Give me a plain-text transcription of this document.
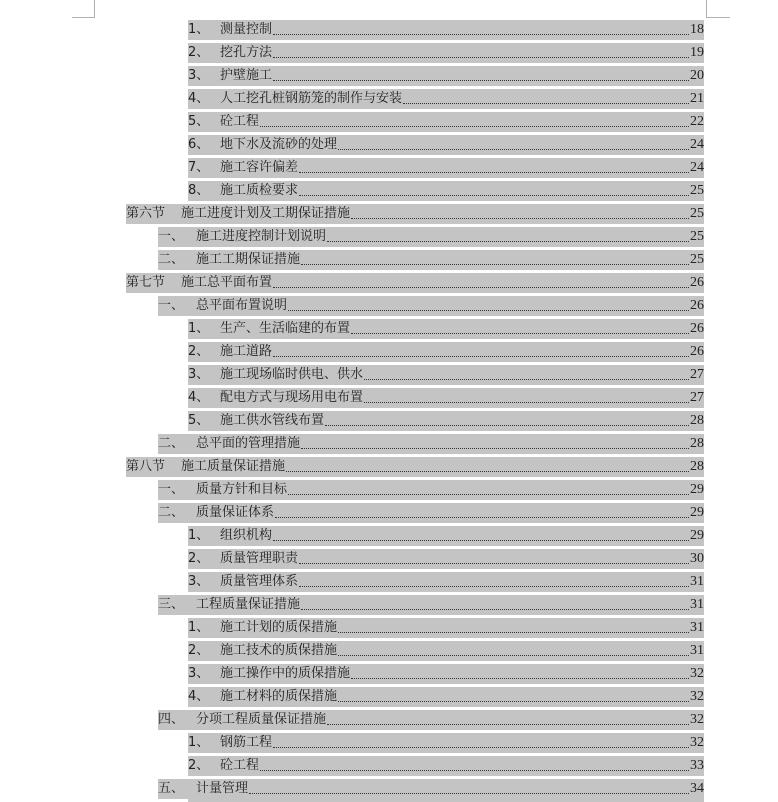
1、 测量控制	18
2、 挖孔方法	19
3、 护壁施工	20
4、 人工挖孔桩钢筋笼的制作与安装	21
5、 砼工程	22
6、 地下水及流砂的处理	24
7、 施工容许偏差	24
8、 施工质检要求	25
第六节	施工进度计划及工期保证措施	25
一、 施工进度控制计划说明	25
二、 施工工期保证措施	25
第七节	施工总平面布置	26
一、 总平面布置说明	26
1、 生产、生活临建的布置	26
2、 施工道路	26
3、 施工现场临时供电、供水	27
4、 配电方式与现场用电布置	27
5、 施工供水管线布置	28
二、 总平面的管理措施	28
第八节	施工质量保证措施	28
一、 质量方针和目标	29
二、 质量保证体系	29
1、 组织机构	29
2、 质量管理职责	30
3、 质量管理体系	31
三、 工程质量保证措施	31
1、 施工计划的质保措施	31
2、 施工技术的质保措施	31
3、 施工操作中的质保措施	32
4、 施工材料的质保措施	32
四、 分项工程质量保证措施	32
1、 钢筋工程	32
2、 砼工程	33
五、 计量管理	34
